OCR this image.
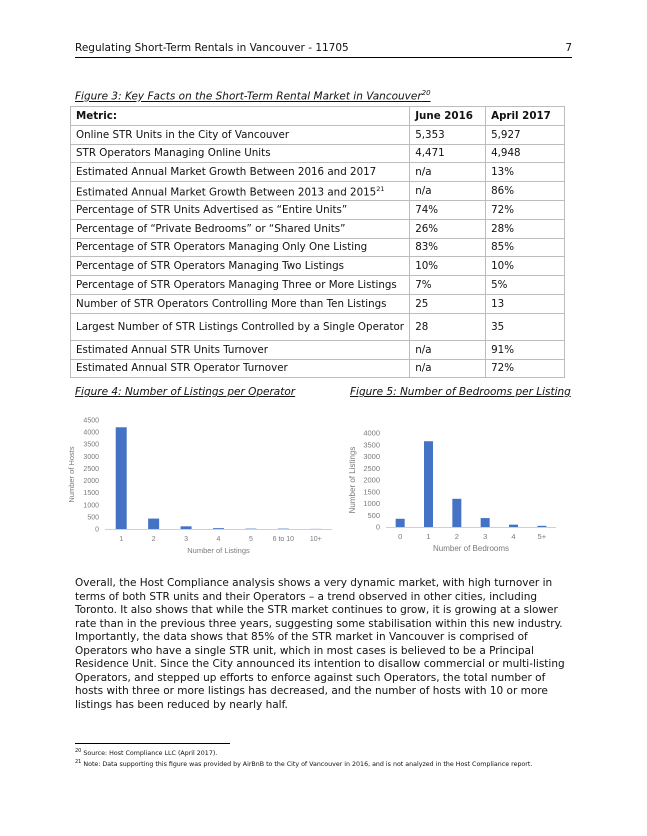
Regulating Short-Term Rentals in Vancouver - 11705	7
Figure 3: Key Facts on the Short-Term Rental Market in Vancouver$^{20}$
Metric:	June 2016	April 2017
Online STR Units in the City of Vancouver	5,353	5,927
STR Operators Managing Online Units	4,471	4,948
Estimated Annual Market Growth Between 2016 and 2017	n/a	13%
Estimated Annual Market Growth Between 2013 and 2015$^{21}$	n/a	86%
Percentage of STR Units Advertised as “Entire Units”	74%	72%
Percentage of “Private Bedrooms” or “Shared Units”	26%	28%
Percentage of STR Operators Managing Only One Listing	83%	85%
Percentage of STR Operators Managing Two Listings	10%	10%
Percentage of STR Operators Managing Three or More Listings	7%	5%
Number of STR Operators Controlling More than Ten Listings	25	13
Largest Number of STR Listings Controlled by a Single Operator	28	35
Estimated Annual STR Units Turnover	n/a	91%
Estimated Annual STR Operator Turnover	n/a	72%
Figure 4: Number of Listings per Operator	Figure 5: Number of Bedrooms per Listing
0
500
1000
1500
2000
2500
3000
3500
4000
4500
1	2	3	4	5	6 to 10 10+
Number of Listings
Number of Hosts
0
500
1000
1500
2000
2500
3000
3500
4000
0	1	2	3	4	5+
Number of Bedrooms
Number of Listings

Overall, the Host Compliance analysis shows a very dynamic market, with high turnover in terms of both STR units and their Operators – a trend observed in other cities, including Toronto. It also shows that while the STR market continues to grow, it is growing at a slower rate than in the previous three years, suggesting some stabilisation within this new industry. Importantly, the data shows that 85% of the STR market in Vancouver is comprised of Operators who have a single STR unit, which in most cases is believed to be a Principal Residence Unit. Since the City announced its intention to disallow commercial or multi-listing Operators, and stepped up efforts to enforce against such Operators, the total number of hosts with three or more listings has decreased, and the number of hosts with 10 or more listings has been reduced by nearly half.

$^{20}$ Source: Host Compliance LLC (April 2017).
$^{21}$ Note: Data supporting this figure was provided by AirBnB to the City of Vancouver in 2016, and is not analyzed in the Host Compliance report.
